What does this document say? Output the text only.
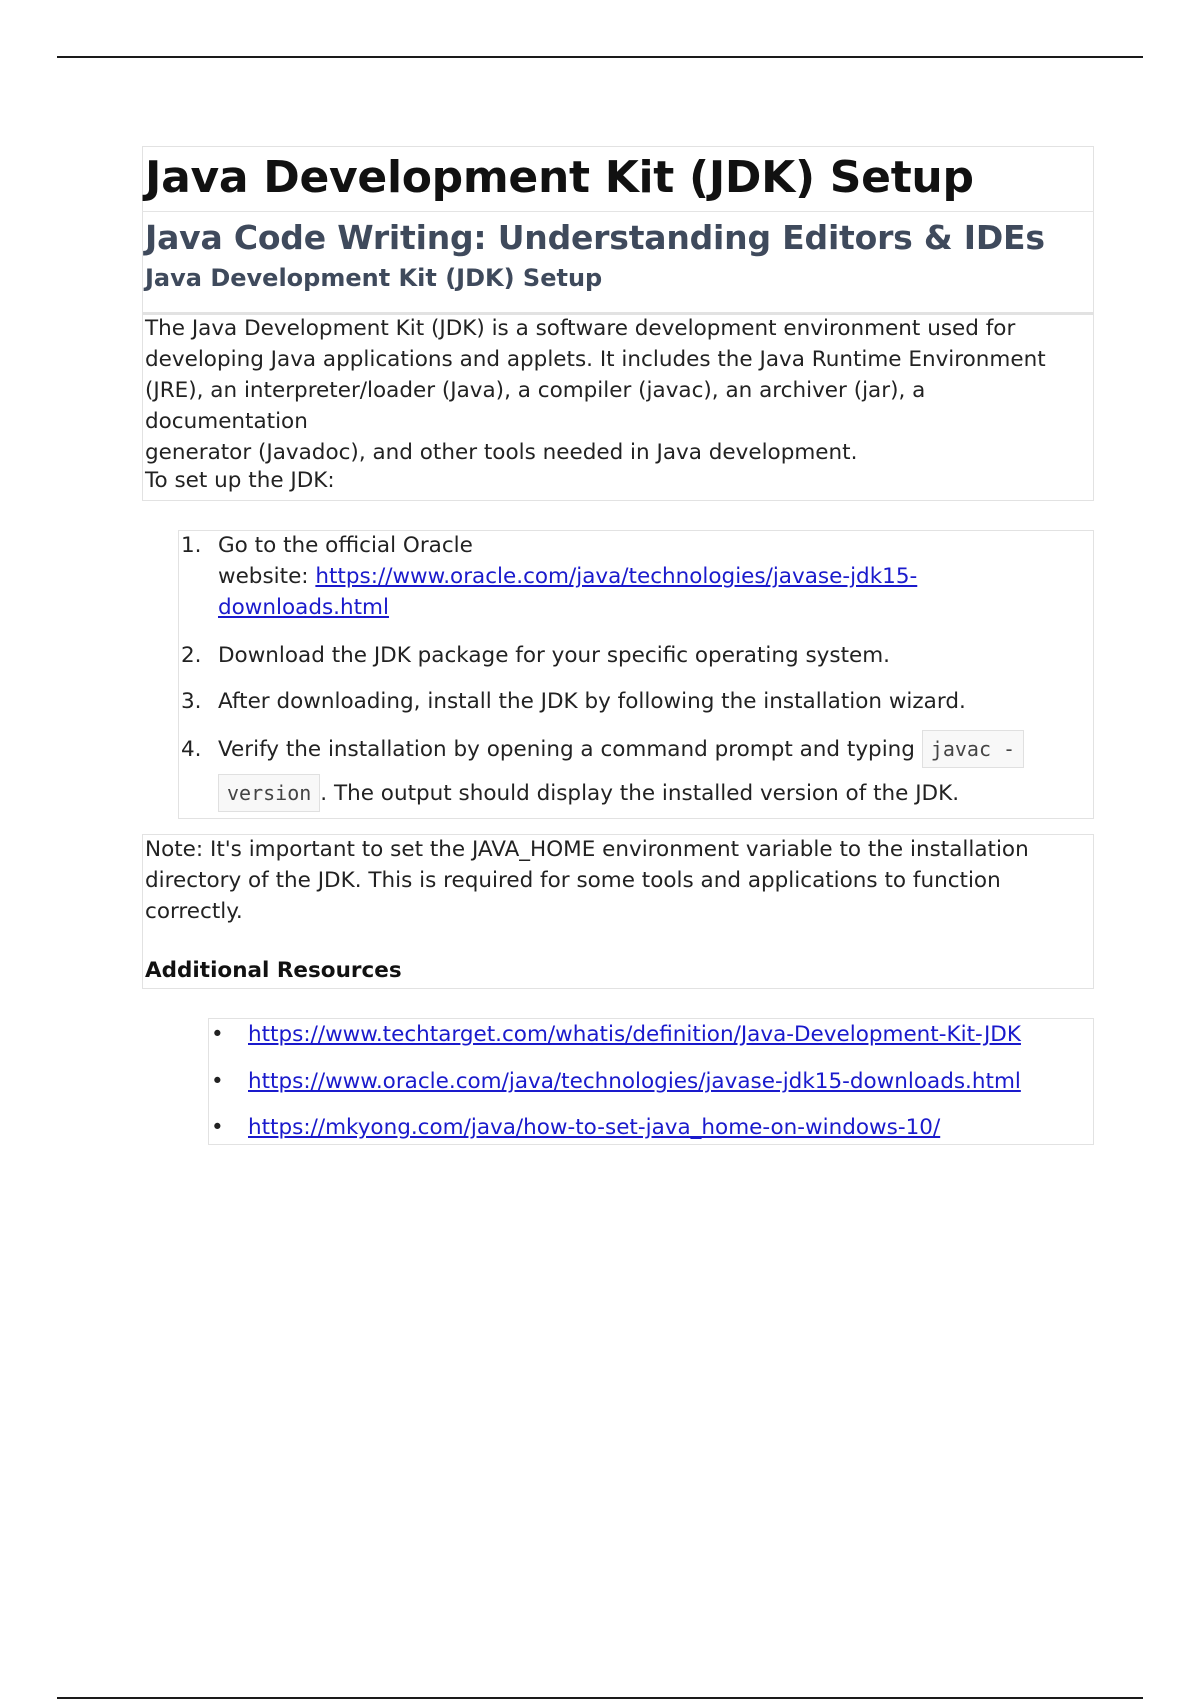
Java Development Kit (JDK) Setup
Java Code Writing: Understanding Editors & IDEs
Java Development Kit (JDK) Setup
The Java Development Kit (JDK) is a software development environment used for
developing Java applications and applets. It includes the Java Runtime Environment
(JRE), an interpreter/loader (Java), a compiler (javac), an archiver (jar), a documentation
generator (Javadoc), and other tools needed in Java development.
To set up the JDK:
1. Go to the official Oracle
website: https://www.oracle.com/java/technologies/javase-jdk15-
downloads.html
2. Download the JDK package for your specific operating system.
3. After downloading, install the JDK by following the installation wizard.
4. Verify the installation by opening a command prompt and typing javac -
version . The output should display the installed version of the JDK.
Note: It's important to set the JAVA_HOME environment variable to the installation
directory of the JDK. This is required for some tools and applications to function
correctly.
Additional Resources
• https://www.techtarget.com/whatis/definition/Java-Development-Kit-JDK
• https://www.oracle.com/java/technologies/javase-jdk15-downloads.html
• https://mkyong.com/java/how-to-set-java_home-on-windows-10/
